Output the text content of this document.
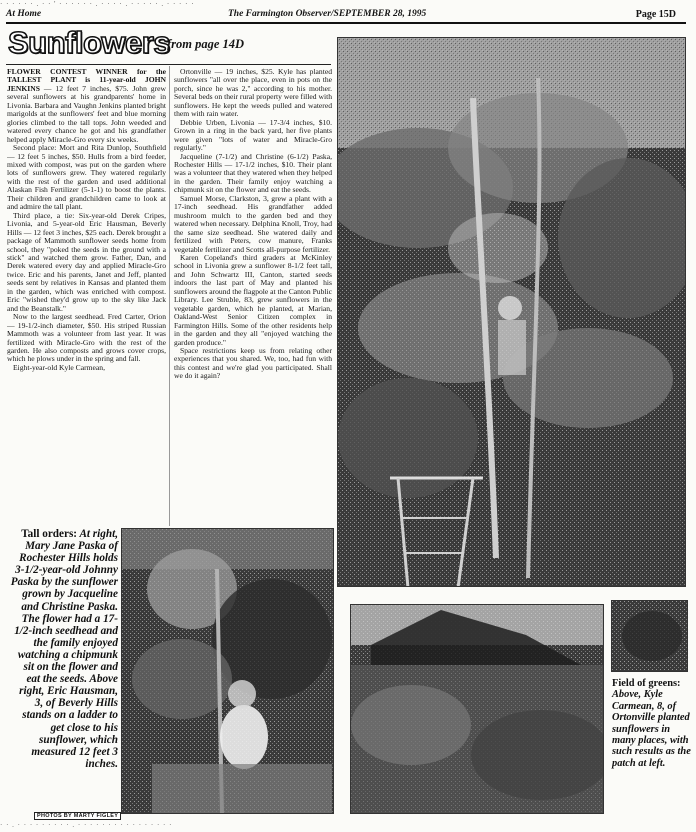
· · · · · · . · · ' · · · · · · . · · · · . · · · · · . · · · · ·
At Home	The Farmington Observer/SEPTEMBER 28, 1995	Page 15D
Sunflowers
from page 14D

FLOWER CONTEST WINNER for the TALLEST PLANT is 11-year-old JOHN JENKINS — 12 feet 7 inches, $75. John grew several sunflowers at his grandparents' home in Livonia. Barbara and Vaughn Jenkins planted bright marigolds at the sunflowers' feet and blue morning glories climbed to the tall tops. John weeded and watered every chance he got and his grandfather helped apply Miracle-Gro every six weeks.

Second place: Mort and Rita Dunlop, Southfield — 12 feet 5 inches, $50. Hulls from a bird feeder, mixed with compost, was put on the garden where lots of sunflowers grew. They watered regularly with the rest of the garden and used additional Alaskan Fish Fertilizer (5-1-1) to boost the plants. Their children and grandchildren came to look at and admire the tall plant.

Third place, a tie: Six-year-old Derek Cripes, Livonia, and 5-year-old Eric Hausman, Beverly Hills — 12 feet 3 inches, $25 each. Derek brought a package of Mammoth sunflower seeds home from school, they "poked the seeds in the ground with a stick" and watched them grow. Father, Dan, and Derek watered every day and applied Miracle-Gro twice. Eric and his parents, Janet and Jeff, planted seeds sent by relatives in Kansas and planted them in the garden, which was enriched with compost. Eric "wished they'd grow up to the sky like Jack and the Beanstalk."

Now to the largest seedhead. Fred Carter, Orion — 19-1/2-inch diameter, $50. His striped Russian Mammoth was a volunteer from last year. It was fertilized with Miracle-Gro with the rest of the garden. He also composts and grows cover crops, which he plows under in the spring and fall.

Eight-year-old Kyle Carmean,

Ortonville — 19 inches, $25. Kyle has planted sunflowers "all over the place, even in pots on the porch, since he was 2," according to his mother. Several beds on their rural property were filled with sunflowers. He kept the weeds pulled and watered them with rain water.

Debbie Urben, Livonia — 17-3/4 inches, $10. Grown in a ring in the back yard, her five plants were given "lots of water and Miracle-Gro regularly."

Jacqueline (7-1/2) and Christine (6-1/2) Paska, Rochester Hills — 17-1/2 inches, $10. Their plant was a volunteer that they watered when they helped in the garden. Their family enjoy watching a chipmunk sit on the flower and eat the seeds.

Samuel Morse, Clarkston, 3, grew a plant with a 17-inch seedhead. His grandfather added mushroom mulch to the garden bed and they watered when necessary. Delphina Knoll, Troy, had the same size seedhead. She watered daily and fertilized with Peters, cow manure, Franks vegetable fertilizer and Scotts all-purpose fertilizer.

Karen Copeland's third graders at McKinley school in Livonia grew a sunflower 8-1/2 feet tall, and John Schwartz III, Canton, started seeds indoors the last part of May and planted his sunflowers around the flagpole at the Canton Public Library. Lee Struble, 83, grew sunflowers in the vegetable garden, which he planted, at Marian, Oakland-West Senior Citizen complex in Farmington Hills. Some of the other residents help in the garden and they all "enjoyed watching the garden produce."

Space restrictions keep us from relating other experiences that you shared. We, too, had fun with this contest and we're glad you participated. Shall we do it again?

Tall orders: At right, Mary Jane Paska of Rochester Hills holds 3-1/2-year-old Johnny Paska by the sunflower grown by Jacqueline and Christine Paska. The flower had a 17-1/2-inch seedhead and the family enjoyed watching a chipmunk sit on the flower and eat the seeds. Above right, Eric Hausman, 3, of Beverly Hills stands on a ladder to get close to his sunflower, which measured 12 feet 3 inches.
Field of greens: Above, Kyle Carmean, 8, of Ortonville planted sunflowers in many places, with such results as the patch at left.
PHOTOS BY MARTY FIGLEY
· · . · · · · · · · · · . · · · · · · · · · · · · · · · ·
